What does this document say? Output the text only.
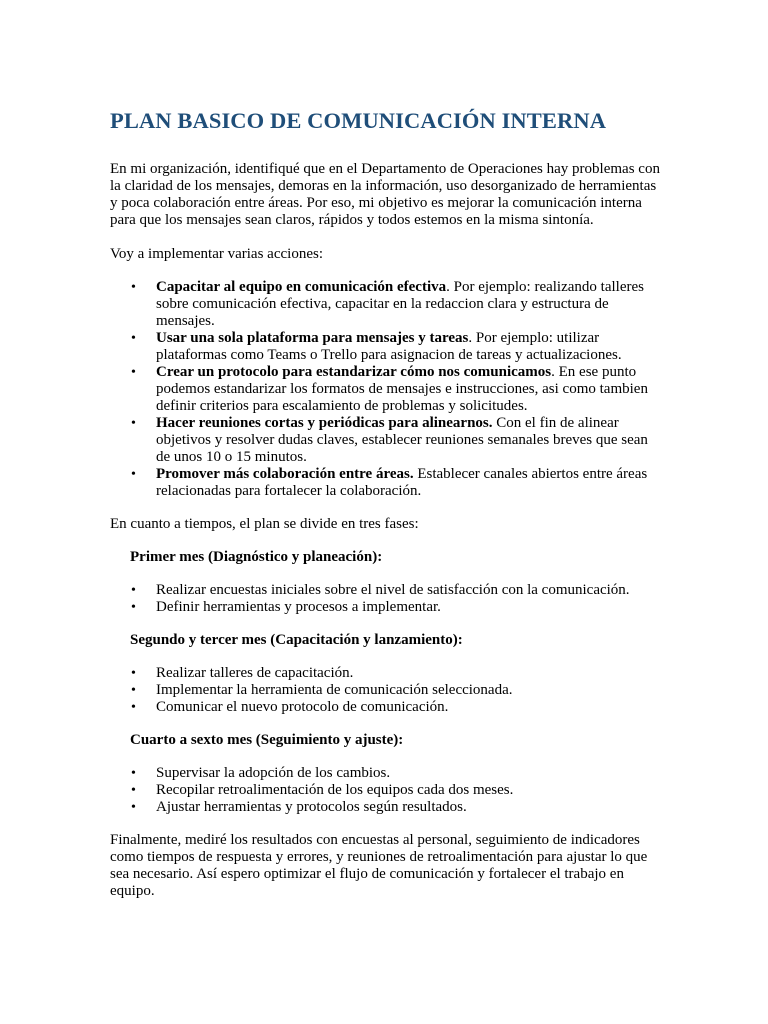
PLAN BASICO DE COMUNICACIÓN INTERNA

En mi organización, identifiqué que en el Departamento de Operaciones hay problemas con la claridad de los mensajes, demoras en la información, uso desorganizado de herramientas y poca colaboración entre áreas. Por eso, mi objetivo es mejorar la comunicación interna para que los mensajes sean claros, rápidos y todos estemos en la misma sintonía.

Voy a implementar varias acciones:

• Capacitar al equipo en comunicación efectiva. Por ejemplo: realizando talleres sobre comunicación efectiva, capacitar en la redaccion clara y estructura de mensajes.
• Usar una sola plataforma para mensajes y tareas. Por ejemplo: utilizar plataformas como Teams o Trello para asignacion de tareas y actualizaciones.
• Crear un protocolo para estandarizar cómo nos comunicamos. En ese punto podemos estandarizar los formatos de mensajes e instrucciones, asi como tambien definir criterios para escalamiento de problemas y solicitudes.
• Hacer reuniones cortas y periódicas para alinearnos. Con el fin de alinear objetivos y resolver dudas claves, establecer reuniones semanales breves que sean de unos 10 o 15 minutos.
• Promover más colaboración entre áreas. Establecer canales abiertos entre áreas relacionadas para fortalecer la colaboración.

En cuanto a tiempos, el plan se divide en tres fases:

Primer mes (Diagnóstico y planeación):

• Realizar encuestas iniciales sobre el nivel de satisfacción con la comunicación.
• Definir herramientas y procesos a implementar.

Segundo y tercer mes (Capacitación y lanzamiento):

• Realizar talleres de capacitación.
• Implementar la herramienta de comunicación seleccionada.
• Comunicar el nuevo protocolo de comunicación.

Cuarto a sexto mes (Seguimiento y ajuste):

• Supervisar la adopción de los cambios.
• Recopilar retroalimentación de los equipos cada dos meses.
• Ajustar herramientas y protocolos según resultados.

Finalmente, mediré los resultados con encuestas al personal, seguimiento de indicadores como tiempos de respuesta y errores, y reuniones de retroalimentación para ajustar lo que sea necesario. Así espero optimizar el flujo de comunicación y fortalecer el trabajo en equipo.
